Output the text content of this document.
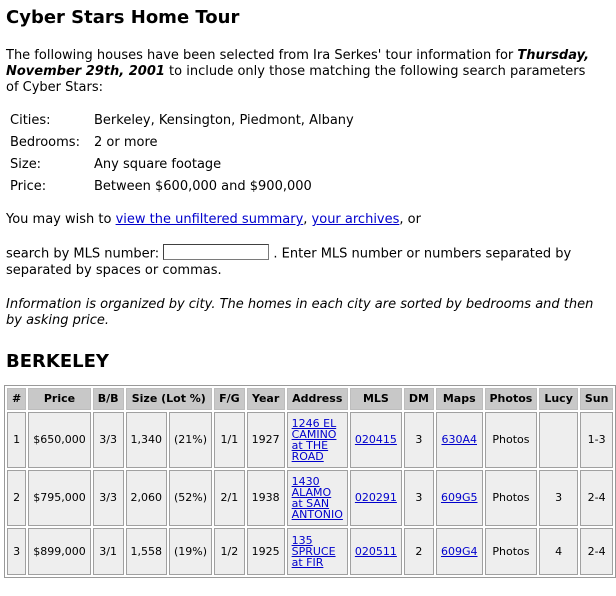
Cyber Stars Home Tour

The following houses have been selected from Ira Serkes' tour information for Thursday, November 29th, 2001 to include only those matching the following search parameters of Cyber Stars:

Cities:	Berkeley, Kensington, Piedmont, Albany
Bedrooms:	2 or more
Size:	Any square footage
Price:	Between $600,000 and $900,000

You may wish to view the unfiltered summary, your archives, or

search by MLS number:	. Enter MLS number or numbers separated by separated by spaces or commas.

Information is organized by city. The homes in each city are sorted by bedrooms and then by asking price.

BERKELEY
#	Price	B/B	Size (Lot %)		F/G	Year	Address	MLS	DM	Maps	Photos	Lucy	Sun
1	$650,000	3/3	1,340	(21%)	1/1	1927	1246 EL CAMINO at THE ROAD	020415	3	630A4	Photos		1-3
2	$795,000	3/3	2,060	(52%)	2/1	1938	1430 ALAMO at SAN ANTONIO	020291	3	609G5	Photos	3	2-4
3	$899,000	3/1	1,558	(19%)	1/2	1925	135 SPRUCE at FIR	020511	2	609G4	Photos	4	2-4
